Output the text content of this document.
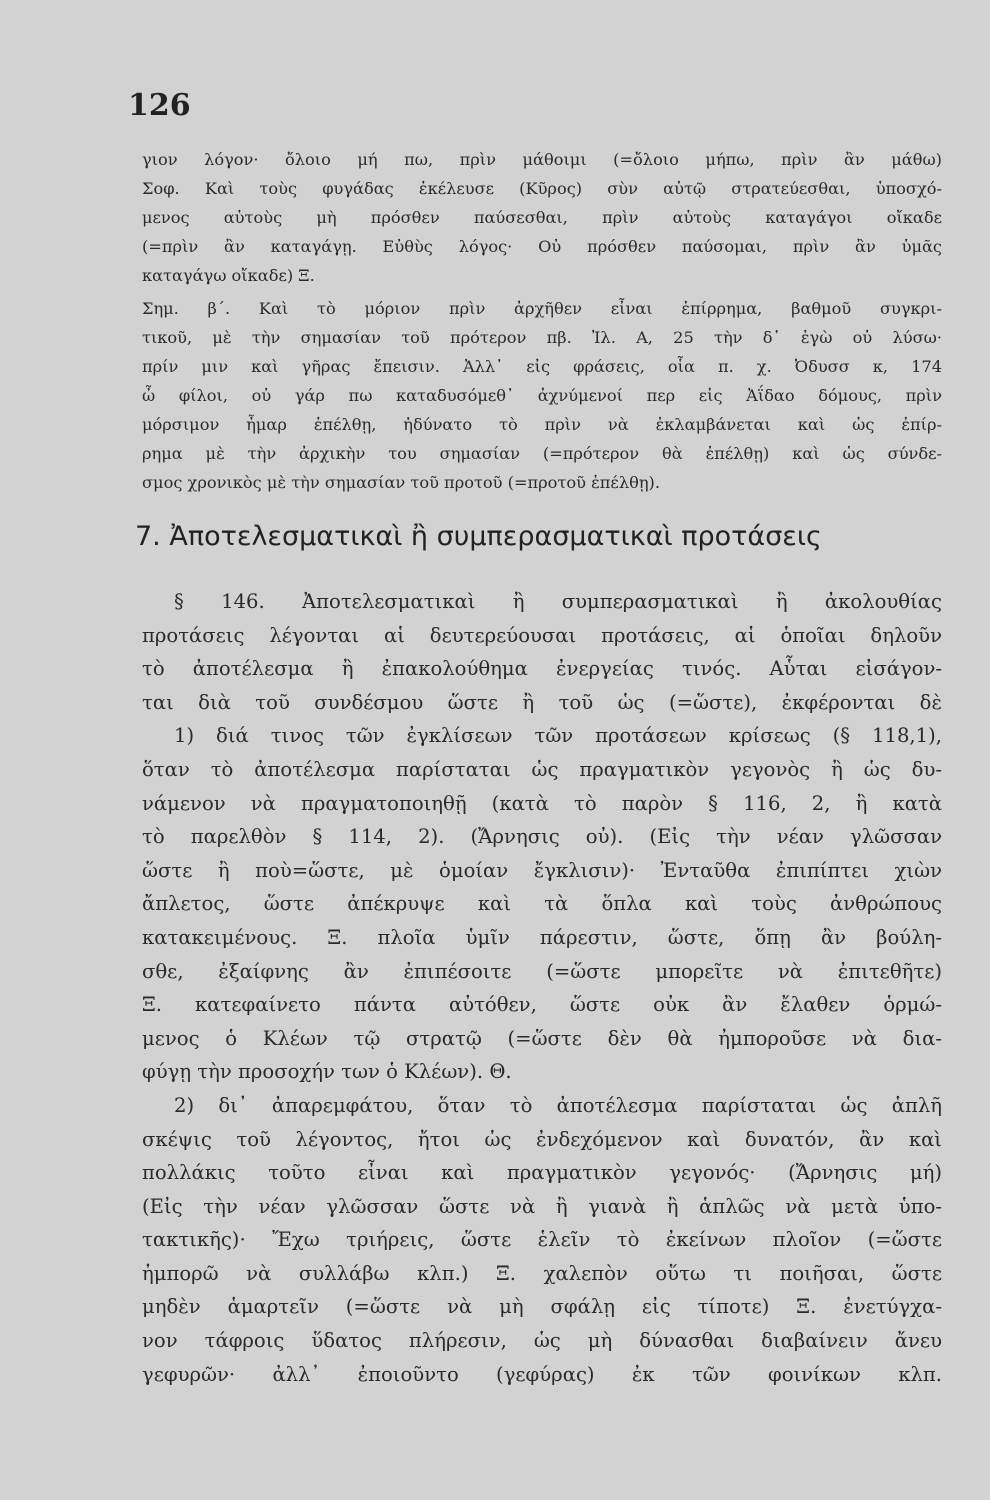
126
γιον λόγον· ὄλοιο μή πω, πρὶν μάθοιμι (=ὄλοιο μήπω, πρὶν ἂν μάθω)
Σοφ. Καὶ τοὺς φυγάδας ἐκέλευσε (Κῦρος) σὺν αὐτῷ στρατεύεσθαι, ὑποσχό-
μενος αὐτοὺς μὴ πρόσθεν παύσεσθαι, πρὶν αὐτοὺς καταγάγοι οἴκαδε
(=πρὶν ἂν καταγάγῃ. Εὐθὺς λόγος· Οὐ πρόσθεν παύσομαι, πρὶν ἂν ὑμᾶς
καταγάγω οἴκαδε) Ξ.
Σημ. β΄. Καὶ τὸ μόριον πρὶν ἀρχῆθεν εἶναι ἐπίρρημα, βαθμοῦ συγκρι-
τικοῦ, μὲ τὴν σημασίαν τοῦ πρότερον πβ. Ἰλ. Α, 25 τὴν δ᾽ ἐγὼ οὐ λύσω·
πρίν μιν καὶ γῆρας ἔπεισιν. Ἀλλ᾽ εἰς φράσεις, οἷα π. χ. Ὀδυσσ κ, 174
ὦ φίλοι, οὐ γάρ πω καταδυσόμεθ᾽ ἀχνύμενοί περ εἰς Ἀΐδαο δόμους, πρὶν
μόρσιμον ἦμαρ ἐπέλθῃ, ἠδύνατο τὸ πρὶν νὰ ἐκλαμβάνεται καὶ ὡς ἐπίρ-
ρημα μὲ τὴν ἀρχικὴν του σημασίαν (=πρότερον θὰ ἐπέλθῃ) καὶ ὡς σύνδε-
σμος χρονικὸς μὲ τὴν σημασίαν τοῦ προτοῦ (=προτοῦ ἐπέλθῃ).
7. Ἀποτελεσματικαὶ ἢ συμπερασματικαὶ προτάσεις
§ 146. Ἀποτελεσματικαὶ ἢ συμπερασματικαὶ ἢ ἀκολουθίας
προτάσεις λέγονται αἱ δευτερεύουσαι προτάσεις, αἱ ὁποῖαι δηλοῦν
τὸ ἀποτέλεσμα ἢ ἐπακολούθημα ἐνεργείας τινός. Αὗται εἰσάγον-
ται διὰ τοῦ συνδέσμου ὥστε ἢ τοῦ ὡς (=ὥστε), ἐκφέρονται δὲ
1) διά τινος τῶν ἐγκλίσεων τῶν προτάσεων κρίσεως (§ 118,1),
ὅταν τὸ ἀποτέλεσμα παρίσταται ὡς πραγματικὸν γεγονὸς ἢ ὡς δυ-
νάμενον νὰ πραγματοποιηθῇ (κατὰ τὸ παρὸν § 116, 2, ἢ κατὰ
τὸ παρελθὸν § 114, 2). (Ἄρνησις οὐ). (Εἰς τὴν νέαν γλῶσσαν
ὥστε ἢ ποὺ=ὥστε, μὲ ὁμοίαν ἔγκλισιν)· Ἐνταῦθα ἐπιπίπτει χιὼν
ἄπλετος, ὥστε ἀπέκρυψε καὶ τὰ ὅπλα καὶ τοὺς ἀνθρώπους
κατακειμένους. Ξ. πλοῖα ὑμῖν πάρεστιν, ὥστε, ὅπῃ ἂν βούλη-
σθε, ἐξαίφνης ἂν ἐπιπέσοιτε (=ὥστε μπορεῖτε νὰ ἐπιτεθῆτε)
Ξ. κατεφαίνετο πάντα αὐτόθεν, ὥστε οὐκ ἂν ἔλαθεν ὁρμώ-
μενος ὁ Κλέων τῷ στρατῷ (=ὥστε δὲν θὰ ἠμποροῦσε νὰ δια-
φύγῃ τὴν προσοχήν των ὁ Κλέων). Θ.
2) δι᾽ ἀπαρεμφάτου, ὅταν τὸ ἀποτέλεσμα παρίσταται ὡς ἁπλῆ
σκέψις τοῦ λέγοντος, ἤτοι ὡς ἐνδεχόμενον καὶ δυνατόν, ἂν καὶ
πολλάκις τοῦτο εἶναι καὶ πραγματικὸν γεγονός· (Ἄρνησις μή)
(Εἰς τὴν νέαν γλῶσσαν ὥστε νὰ ἢ γιανὰ ἢ ἁπλῶς νὰ μετὰ ὑπο-
τακτικῆς)· Ἔχω τριήρεις, ὥστε ἑλεῖν τὸ ἐκείνων πλοῖον (=ὥστε
ἠμπορῶ νὰ συλλάβω κλπ.) Ξ. χαλεπὸν οὕτω τι ποιῆσαι, ὥστε
μηδὲν ἁμαρτεῖν (=ὥστε νὰ μὴ σφάλῃ εἰς τίποτε) Ξ. ἐνετύγχα-
νον τάφροις ὕδατος πλήρεσιν, ὡς μὴ δύνασθαι διαβαίνειν ἄνευ
γεφυρῶν· ἀλλ᾽ ἐποιοῦντο (γεφύρας) ἐκ τῶν φοινίκων κλπ.
